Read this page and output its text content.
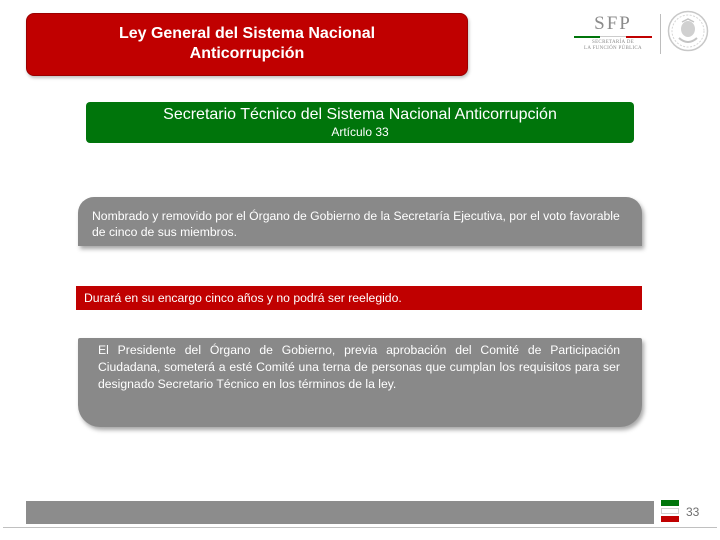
Ley General del Sistema Nacional
Anticorrupción
SFP
SECRETARÍA DE
LA FUNCIÓN PÚBLICA
Secretario Técnico del Sistema Nacional Anticorrupción
Artículo 33
Nombrado y removido por el Órgano de Gobierno de la Secretaría Ejecutiva, por el voto favorable de cinco de sus miembros.
Durará en su encargo cinco años y no podrá ser reelegido.
El Presidente del Órgano de Gobierno, previa aprobación del Comité de Participación Ciudadana, someterá a esté Comité una terna de personas que cumplan los requisitos para ser designado Secretario Técnico en los términos de la ley.
33
